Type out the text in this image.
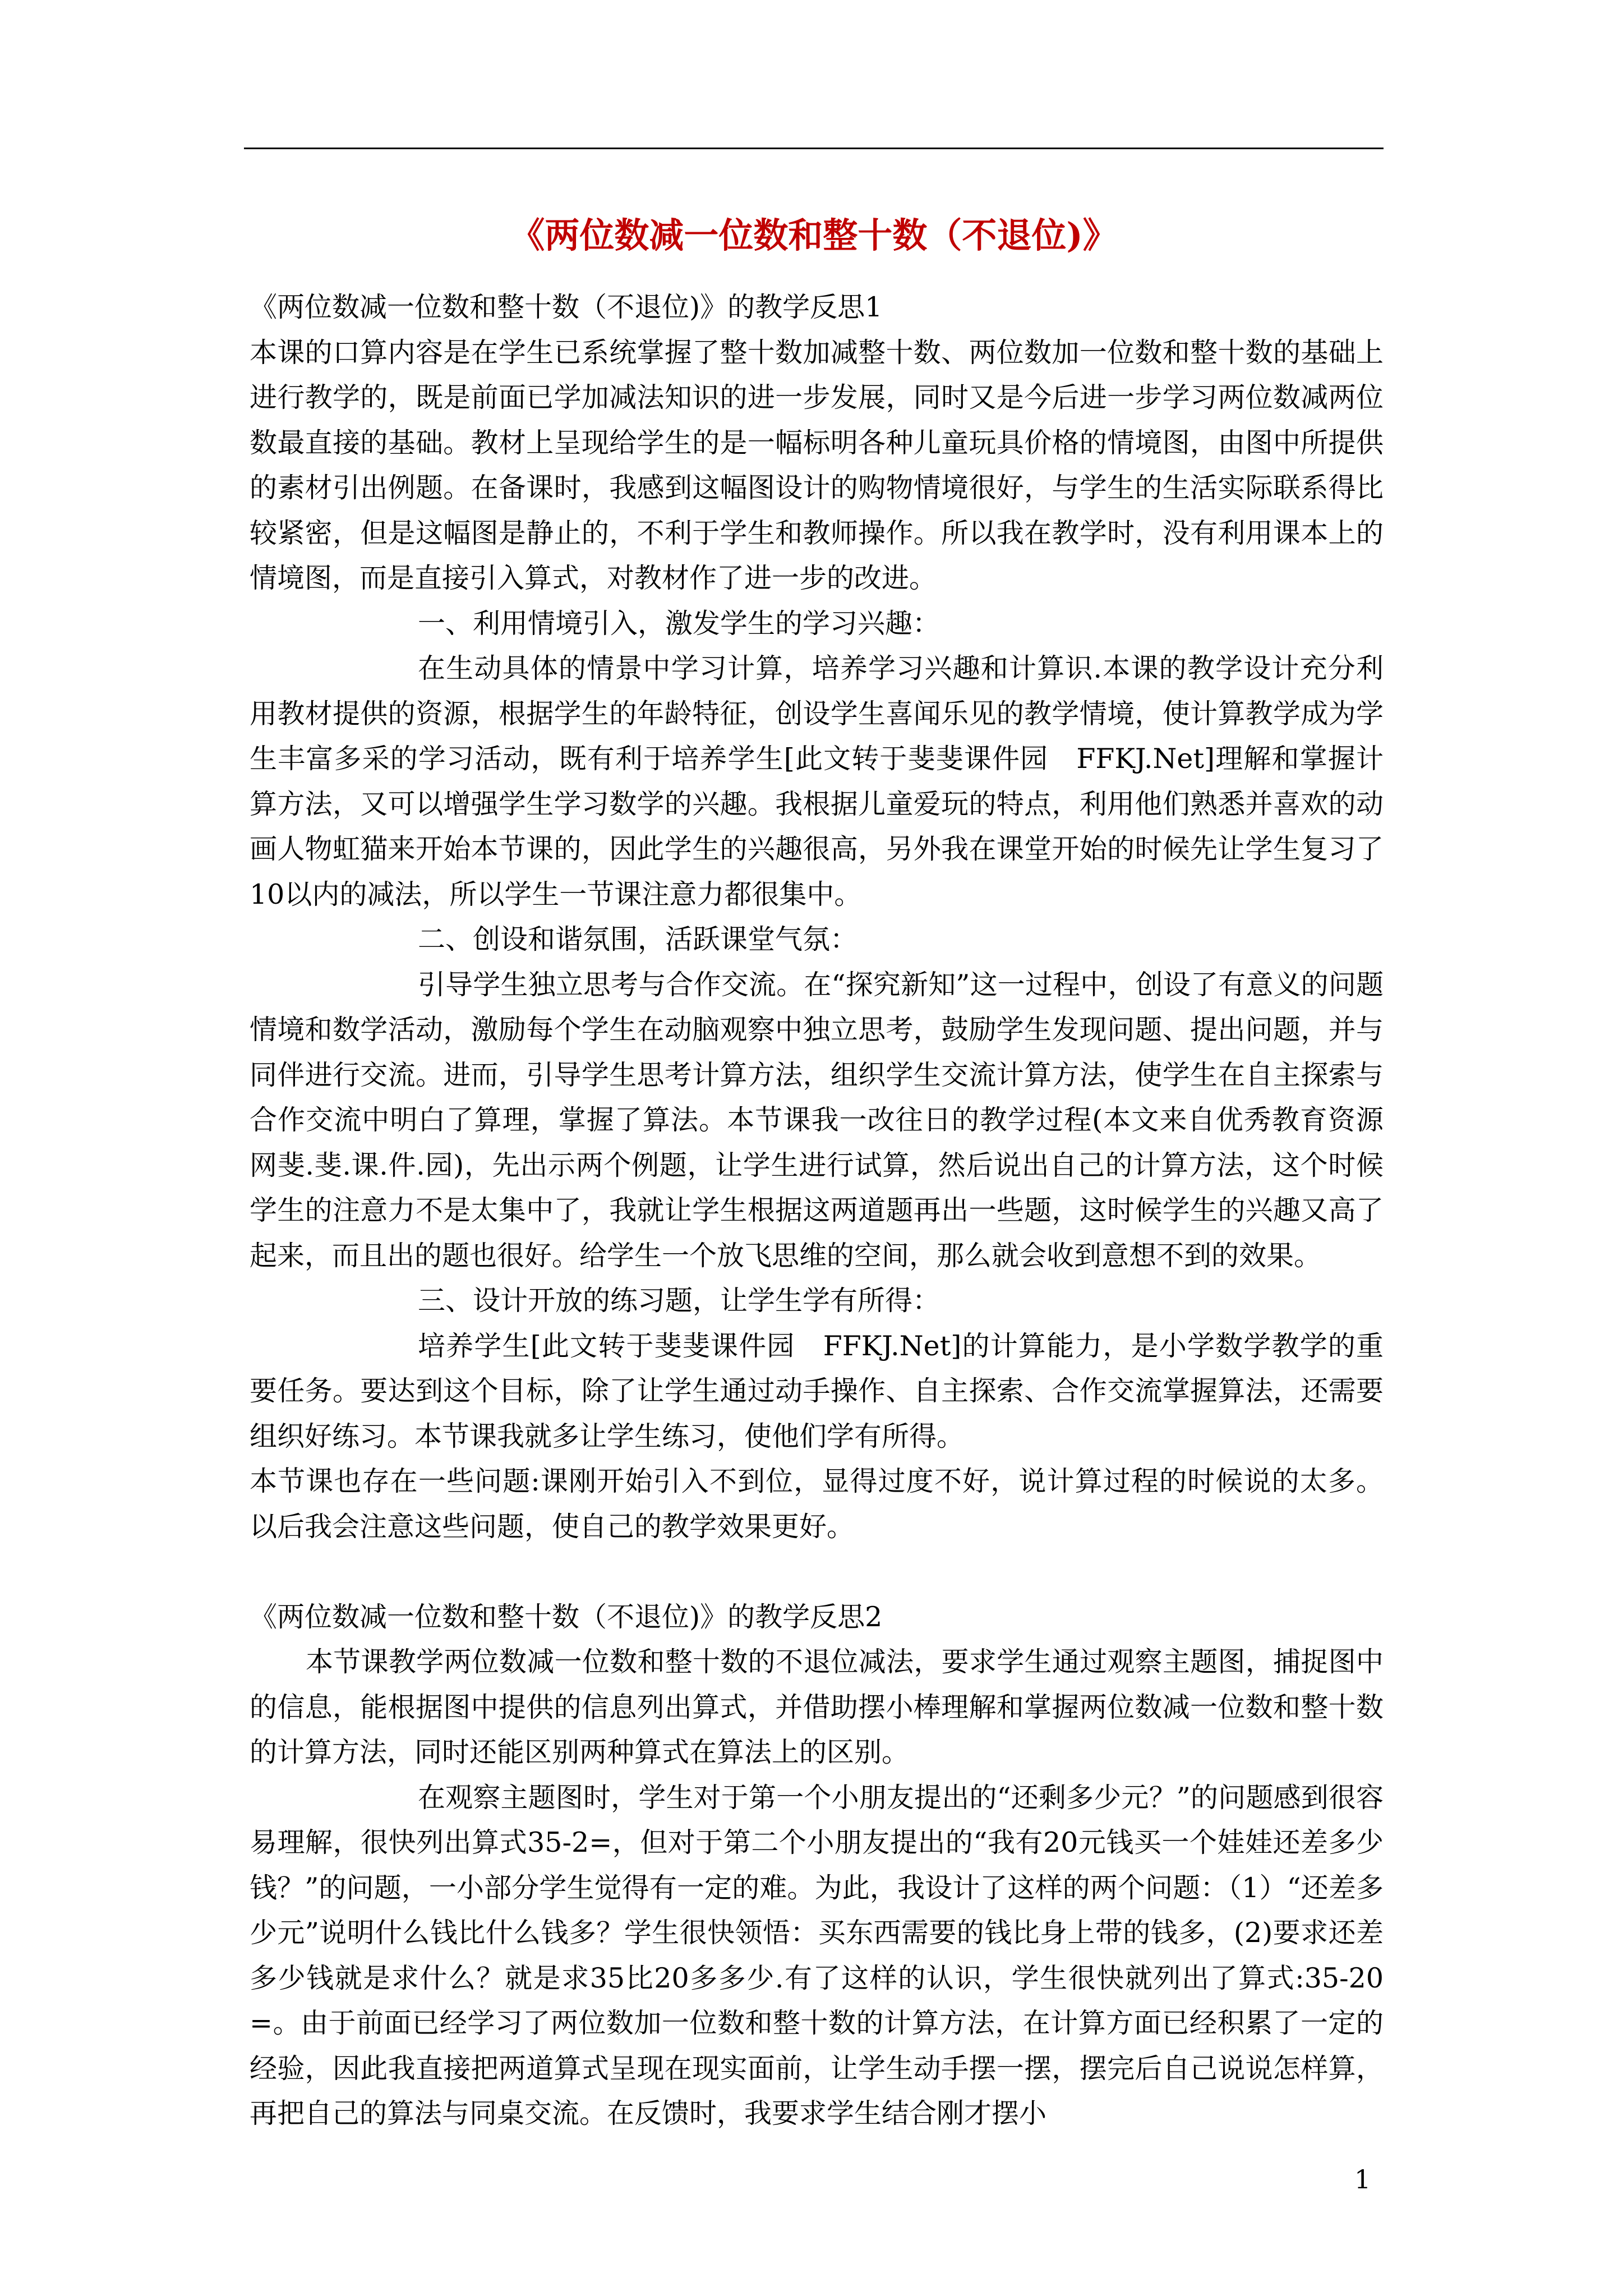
《两位数减一位数和整十数（不退位)》

《两位数减一位数和整十数（不退位)》的教学反思1

本课的口算内容是在学生已系统掌握了整十数加减整十数、两位数加一位数和整十数的基础上进行教学的，既是前面已学加减法知识的进一步发展，同时又是今后进一步学习两位数减两位数最直接的基础。教材上呈现给学生的是一幅标明各种儿童玩具价格的情境图，由图中所提供的素材引出例题。在备课时，我感到这幅图设计的购物情境很好，与学生的生活实际联系得比较紧密，但是这幅图是静止的，不利于学生和教师操作。所以我在教学时，没有利用课本上的情境图，而是直接引入算式，对教材作了进一步的改进。

一、利用情境引入，激发学生的学习兴趣：

在生动具体的情景中学习计算，培养学习兴趣和计算识.本课的教学设计充分利用教材提供的资源，根据学生的年龄特征，创设学生喜闻乐见的教学情境，使计算教学成为学生丰富多采的学习活动，既有利于培养学生[此文转于斐斐课件园　FFKJ.Net]理解和掌握计算方法，又可以增强学生学习数学的兴趣。我根据儿童爱玩的特点，利用他们熟悉并喜欢的动画人物虹猫来开始本节课的，因此学生的兴趣很高，另外我在课堂开始的时候先让学生复习了10以内的减法，所以学生一节课注意力都很集中。

二、创设和谐氛围，活跃课堂气氛：

引导学生独立思考与合作交流。在“探究新知”这一过程中，创设了有意义的问题情境和数学活动，激励每个学生在动脑观察中独立思考，鼓励学生发现问题、提出问题，并与同伴进行交流。进而，引导学生思考计算方法，组织学生交流计算方法，使学生在自主探索与合作交流中明白了算理，掌握了算法。本节课我一改往日的教学过程(本文来自优秀教育资源网斐.斐.课.件.园)，先出示两个例题，让学生进行试算，然后说出自己的计算方法，这个时候学生的注意力不是太集中了，我就让学生根据这两道题再出一些题，这时候学生的兴趣又高了起来，而且出的题也很好。给学生一个放飞思维的空间，那么就会收到意想不到的效果。

三、设计开放的练习题，让学生学有所得：

培养学生[此文转于斐斐课件园　FFKJ.Net]的计算能力，是小学数学教学的重要任务。要达到这个目标，除了让学生通过动手操作、自主探索、合作交流掌握算法，还需要组织好练习。本节课我就多让学生练习，使他们学有所得。

本节课也存在一些问题:课刚开始引入不到位，显得过度不好，说计算过程的时候说的太多。以后我会注意这些问题，使自己的教学效果更好。

《两位数减一位数和整十数（不退位)》的教学反思2

本节课教学两位数减一位数和整十数的不退位减法，要求学生通过观察主题图，捕捉图中的信息，能根据图中提供的信息列出算式，并借助摆小棒理解和掌握两位数减一位数和整十数的计算方法，同时还能区别两种算式在算法上的区别。

在观察主题图时，学生对于第一个小朋友提出的“还剩多少元？”的问题感到很容易理解，很快列出算式35-2=，但对于第二个小朋友提出的“我有20元钱买一个娃娃还差多少钱？”的问题，一小部分学生觉得有一定的难。为此，我设计了这样的两个问题：（1）“还差多少元”说明什么钱比什么钱多？学生很快领悟：买东西需要的钱比身上带的钱多，(2)要求还差多少钱就是求什么？就是求35比20多多少.有了这样的认识，学生很快就列出了算式:35-20=。由于前面已经学习了两位数加一位数和整十数的计算方法，在计算方面已经积累了一定的经验，因此我直接把两道算式呈现在现实面前，让学生动手摆一摆，摆完后自己说说怎样算，再把自己的算法与同桌交流。在反馈时，我要求学生结合刚才摆小

1
